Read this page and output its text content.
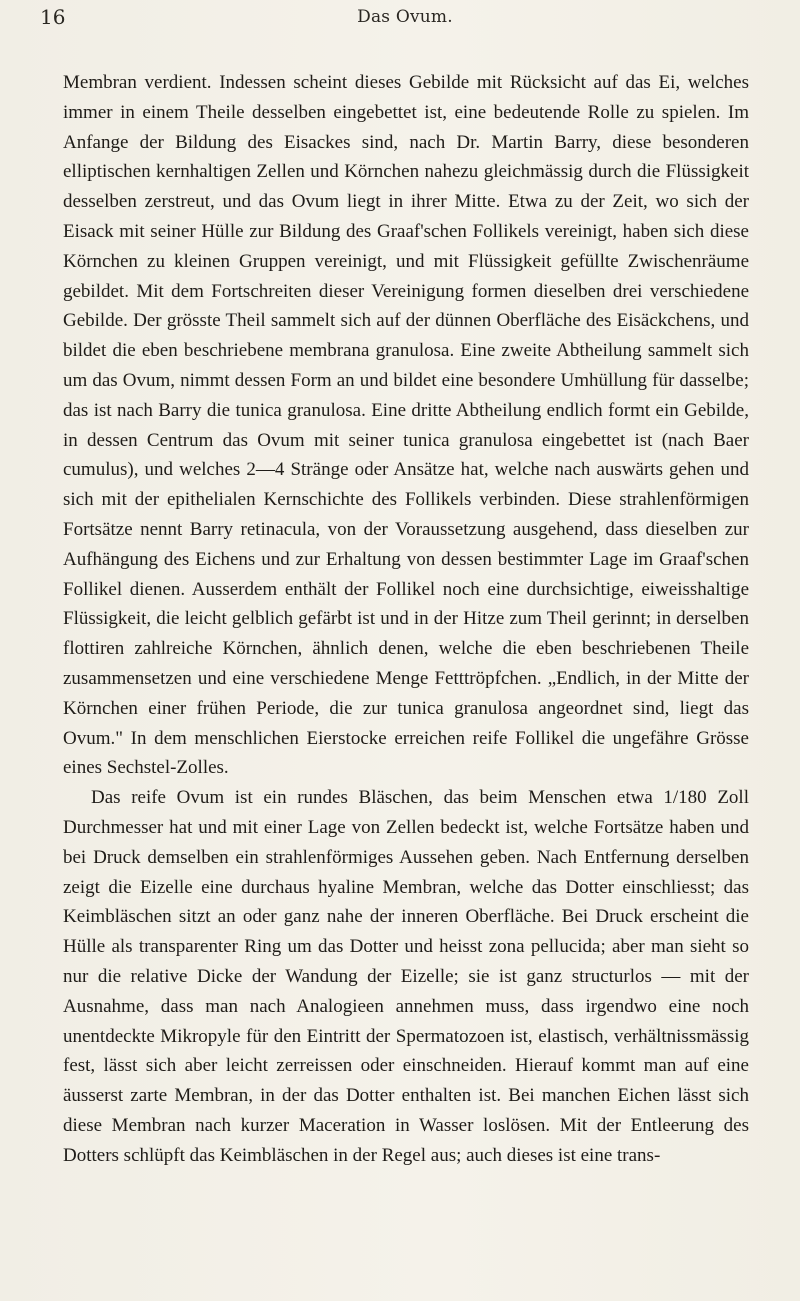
16	Das Ovum.

Membran verdient. Indessen scheint dieses Gebilde mit Rücksicht auf das Ei, welches immer in einem Theile desselben eingebettet ist, eine bedeutende Rolle zu spielen. Im Anfange der Bildung des Eisackes sind, nach Dr. Martin Barry, diese besonderen elliptischen kernhaltigen Zellen und Körnchen nahezu gleichmässig durch die Flüssigkeit desselben zerstreut, und das Ovum liegt in ihrer Mitte. Etwa zu der Zeit, wo sich der Eisack mit seiner Hülle zur Bildung des Graaf'schen Follikels vereinigt, haben sich diese Körnchen zu kleinen Gruppen vereinigt, und mit Flüssigkeit gefüllte Zwischenräume gebildet. Mit dem Fortschreiten dieser Vereinigung formen dieselben drei verschiedene Gebilde. Der grösste Theil sammelt sich auf der dünnen Oberfläche des Eisäckchens, und bildet die eben beschriebene membrana granulosa. Eine zweite Abtheilung sammelt sich um das Ovum, nimmt dessen Form an und bildet eine besondere Umhüllung für dasselbe; das ist nach Barry die tunica granulosa. Eine dritte Abtheilung endlich formt ein Gebilde, in dessen Centrum das Ovum mit seiner tunica granulosa eingebettet ist (nach Baer cumulus), und welches 2—4 Stränge oder Ansätze hat, welche nach auswärts gehen und sich mit der epithelialen Kernschichte des Follikels verbinden. Diese strahlenförmigen Fortsätze nennt Barry retinacula, von der Voraussetzung ausgehend, dass dieselben zur Aufhängung des Eichens und zur Erhaltung von dessen bestimmter Lage im Graaf'schen Follikel dienen. Ausserdem enthält der Follikel noch eine durchsichtige, eiweisshaltige Flüssigkeit, die leicht gelblich gefärbt ist und in der Hitze zum Theil gerinnt; in derselben flottiren zahlreiche Körnchen, ähnlich denen, welche die eben beschriebenen Theile zusammensetzen und eine verschiedene Menge Fetttröpfchen. „Endlich, in der Mitte der Körnchen einer frühen Periode, die zur tunica granulosa angeordnet sind, liegt das Ovum." In dem menschlichen Eierstocke erreichen reife Follikel die ungefähre Grösse eines Sechstel-Zolles.

Das reife Ovum ist ein rundes Bläschen, das beim Menschen etwa 1/180 Zoll Durchmesser hat und mit einer Lage von Zellen bedeckt ist, welche Fortsätze haben und bei Druck demselben ein strahlenförmiges Aussehen geben. Nach Entfernung derselben zeigt die Eizelle eine durchaus hyaline Membran, welche das Dotter einschliesst; das Keimbläschen sitzt an oder ganz nahe der inneren Oberfläche. Bei Druck erscheint die Hülle als transparenter Ring um das Dotter und heisst zona pellucida; aber man sieht so nur die relative Dicke der Wandung der Eizelle; sie ist ganz structurlos — mit der Ausnahme, dass man nach Analogieen annehmen muss, dass irgendwo eine noch unentdeckte Mikropyle für den Eintritt der Spermatozoen ist, elastisch, verhältnissmässig fest, lässt sich aber leicht zerreissen oder einschneiden. Hierauf kommt man auf eine äusserst zarte Membran, in der das Dotter enthalten ist. Bei manchen Eichen lässt sich diese Membran nach kurzer Maceration in Wasser loslösen. Mit der Entleerung des Dotters schlüpft das Keimbläschen in der Regel aus; auch dieses ist eine trans-
